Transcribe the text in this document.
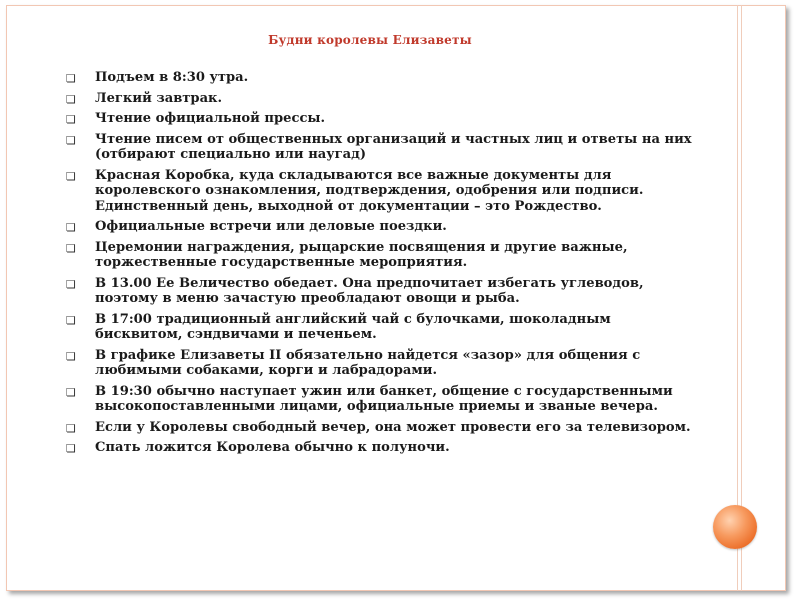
Будни королевы Елизаветы
❏ Подъем в 8:30 утра.
❏ Легкий завтрак.
❏ Чтение официальной прессы.
❏ Чтение писем от общественных организаций и частных лиц и ответы на них
(отбирают специально или наугад)
❏ Красная Коробка, куда складываются все важные документы для
королевского ознакомления, подтверждения, одобрения или подписи.
Единственный день, выходной от документации – это Рождество.
❏ Официальные встречи или деловые поездки.
❏ Церемонии награждения, рыцарские посвящения и другие важные,
торжественные государственные мероприятия.
❏ В 13.00 Ее Величество обедает. Она предпочитает избегать углеводов,
поэтому в меню зачастую преобладают овощи и рыба.
❏ В 17:00 традиционный английский чай с булочками, шоколадным
бисквитом, сэндвичами и печеньем.
❏ В графике Елизаветы II обязательно найдется «зазор» для общения с
любимыми собаками, корги и лабрадорами.
❏ В 19:30 обычно наступает ужин или банкет, общение с государственными
высокопоставленными лицами, официальные приемы и званые вечера.
❏ Если у Королевы свободный вечер, она может провести его за телевизором.
❏ Спать ложится Королева обычно к полуночи.
